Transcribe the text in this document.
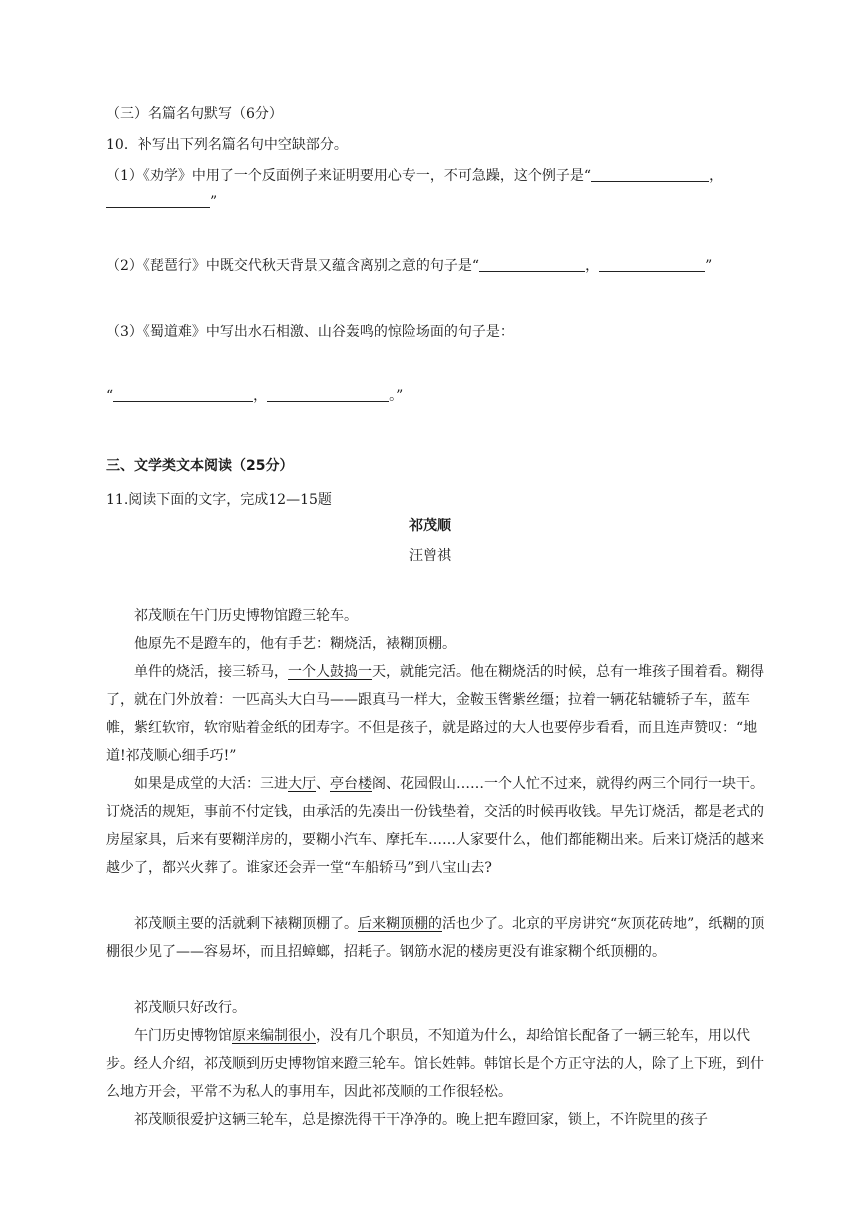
（三）名篇名句默写（6分）
10．补写出下列名篇名句中空缺部分。
（1）《劝学》中用了一个反面例子来证明要用心专一，不可急躁，这个例子是“	，
”
（2）《琵琶行》中既交代秋天背景又蕴含离别之意的句子是“	，	”
（3）《蜀道难》中写出水石相激、山谷轰鸣的惊险场面的句子是：
“	，	。”
三、文学类文本阅读（25分）
11.阅读下面的文字，完成12—15题
祁茂顺
汪曾祺
祁茂顺在午门历史博物馆蹬三轮车。
他原先不是蹬车的，他有手艺：糊烧活，裱糊顶棚。
单件的烧活，接三轿马，一个人鼓捣一天，就能完活。他在糊烧活的时候，总有一堆孩子围着看。糊得了，就在门外放着：一匹高头大白马——跟真马一样大，金鞍玉辔紫丝缰；拉着一辆花轱辘轿子车，蓝车帷，紫红软帘，软帘贴着金纸的团寿字。不但是孩子，就是路过的大人也要停步看看，而且连声赞叹：“地道!祁茂顺心细手巧!”
如果是成堂的大活：三进大厅、亭台楼阁、花园假山……一个人忙不过来，就得约两三个同行一块干。订烧活的规矩，事前不付定钱，由承活的先凑出一份钱垫着，交活的时候再收钱。早先订烧活，都是老式的房屋家具，后来有要糊洋房的，要糊小汽车、摩托车……人家要什么，他们都能糊出来。后来订烧活的越来越少了，都兴火葬了。谁家还会弄一堂“车船轿马”到八宝山去?
祁茂顺主要的活就剩下裱糊顶棚了。后来糊顶棚的活也少了。北京的平房讲究“灰顶花砖地”，纸糊的顶棚很少见了——容易坏，而且招蟑螂，招耗子。钢筋水泥的楼房更没有谁家糊个纸顶棚的。
祁茂顺只好改行。
午门历史博物馆原来编制很小，没有几个职员，不知道为什么，却给馆长配备了一辆三轮车，用以代步。经人介绍，祁茂顺到历史博物馆来蹬三轮车。馆长姓韩。韩馆长是个方正守法的人，除了上下班，到什么地方开会，平常不为私人的事用车，因此祁茂顺的工作很轻松。
祁茂顺很爱护这辆三轮车，总是擦洗得干干净净的。晚上把车蹬回家，锁上，不许院里的孩子
